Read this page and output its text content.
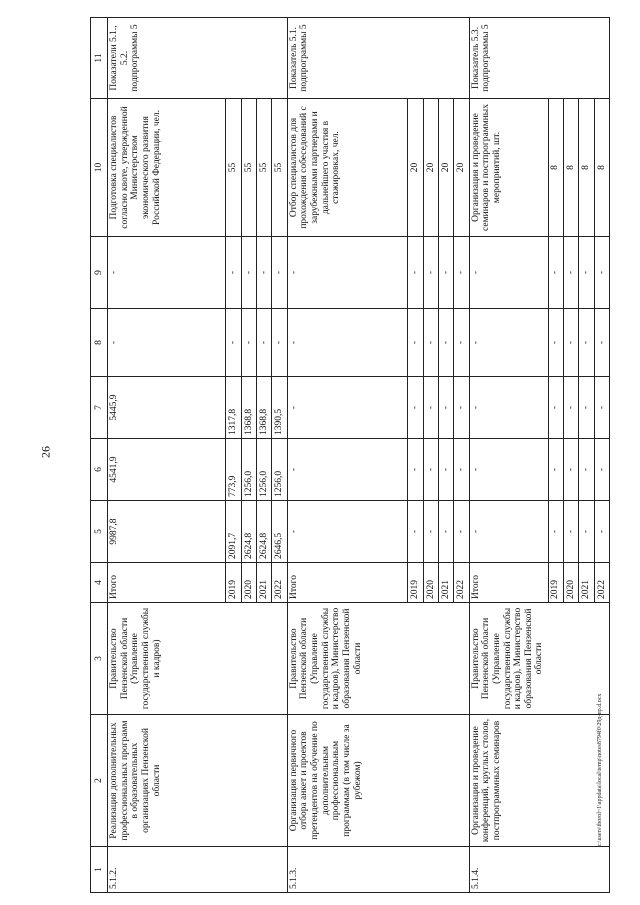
26
c:\users\iborol~1\appdata\local\temp\notes8794f0\29д-пр.d.ocx
1	2	3	4	5	6	7	8	9	10	11
5.1.2.	Реализация дополнительных профессиональных программ в образовательных организациях Пензенской области	Правительство Пензенской области (Управление государственной службы и кадров)	Итого	9987,8	4541,9	5445,9	-	-	Подготовка специалистов согласно квоте, утвержденной Министерством экономического развития Российской Федерации, чел.	Показатели 5.1., 5.2. подпрограммы 5
			2019	2091,7	773,9	1317,8	-	-	55	
			2020	2624,8	1256,0	1368,8	-	-	55	
			2021	2624,8	1256,0	1368,8	-	-	55	
			2022	2646,5	1256,0	1390,5	-	-	55	
5.1.3.	Организация первичного отбора анкет и проектов претендентов на обучение по дополнительным профессиональным программам (в том числе за рубежом)	Правительство Пензенской области (Управление государственной службы и кадров), Министерство образования Пензенской области	Итого	-	-	-	-	-	Отбор специалистов для прохождения собеседований с зарубежными партнерами и дальнейшего участия в стажировках, чел.	Показатель 5.1. подпрограммы 5
			2019	-	-	-	-	-	20	
			2020	-	-	-	-	-	20	
			2021	-	-	-	-	-	20	
			2022	-	-	-	-	-	20	
5.1.4.	Организация и проведение конференций, круглых столов, постпрограммных семинаров	Правительство Пензенской области (Управление государственной службы и кадров), Министерство образования Пензенской области	Итого	-	-	-	-	-	Организация и проведение семинаров и постпрограммных мероприятий, шт.	Показатель 5.3. подпрограммы 5
			2019	-	-	-	-	-	8	
			2020	-	-	-	-	-	8	
			2021	-	-	-	-	-	8	
			2022	-	-	-	-	-	8	
